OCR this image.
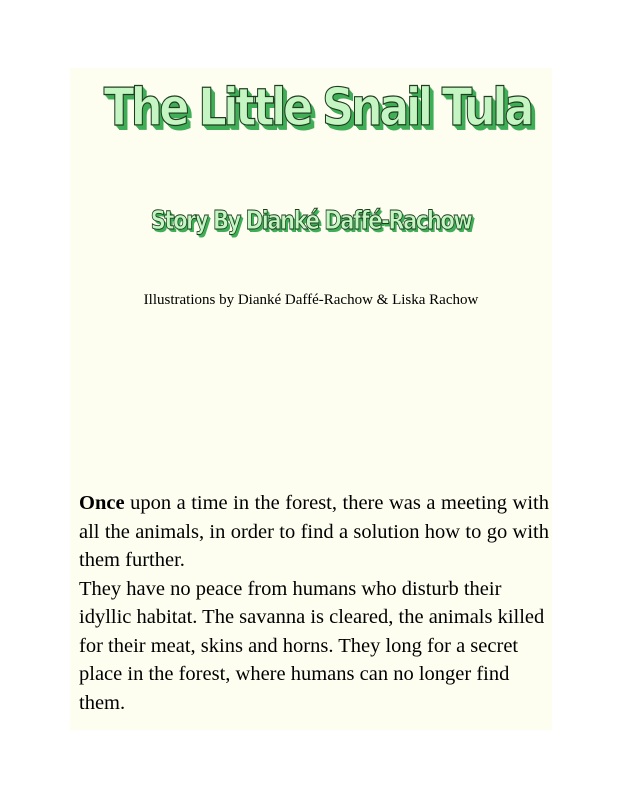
The Little Snail Tula
Story By Dianké Daffé-Rachow
Illustrations by Dianké Daffé-Rachow & Liska Rachow

Once upon a time in the forest, there was a meeting with all the animals, in order to find a solution how to go with them further.

They have no peace from humans who disturb their idyllic habitat. The savanna is cleared, the animals killed for their meat, skins and horns. They long for a secret place in the forest, where humans can no longer find them.
